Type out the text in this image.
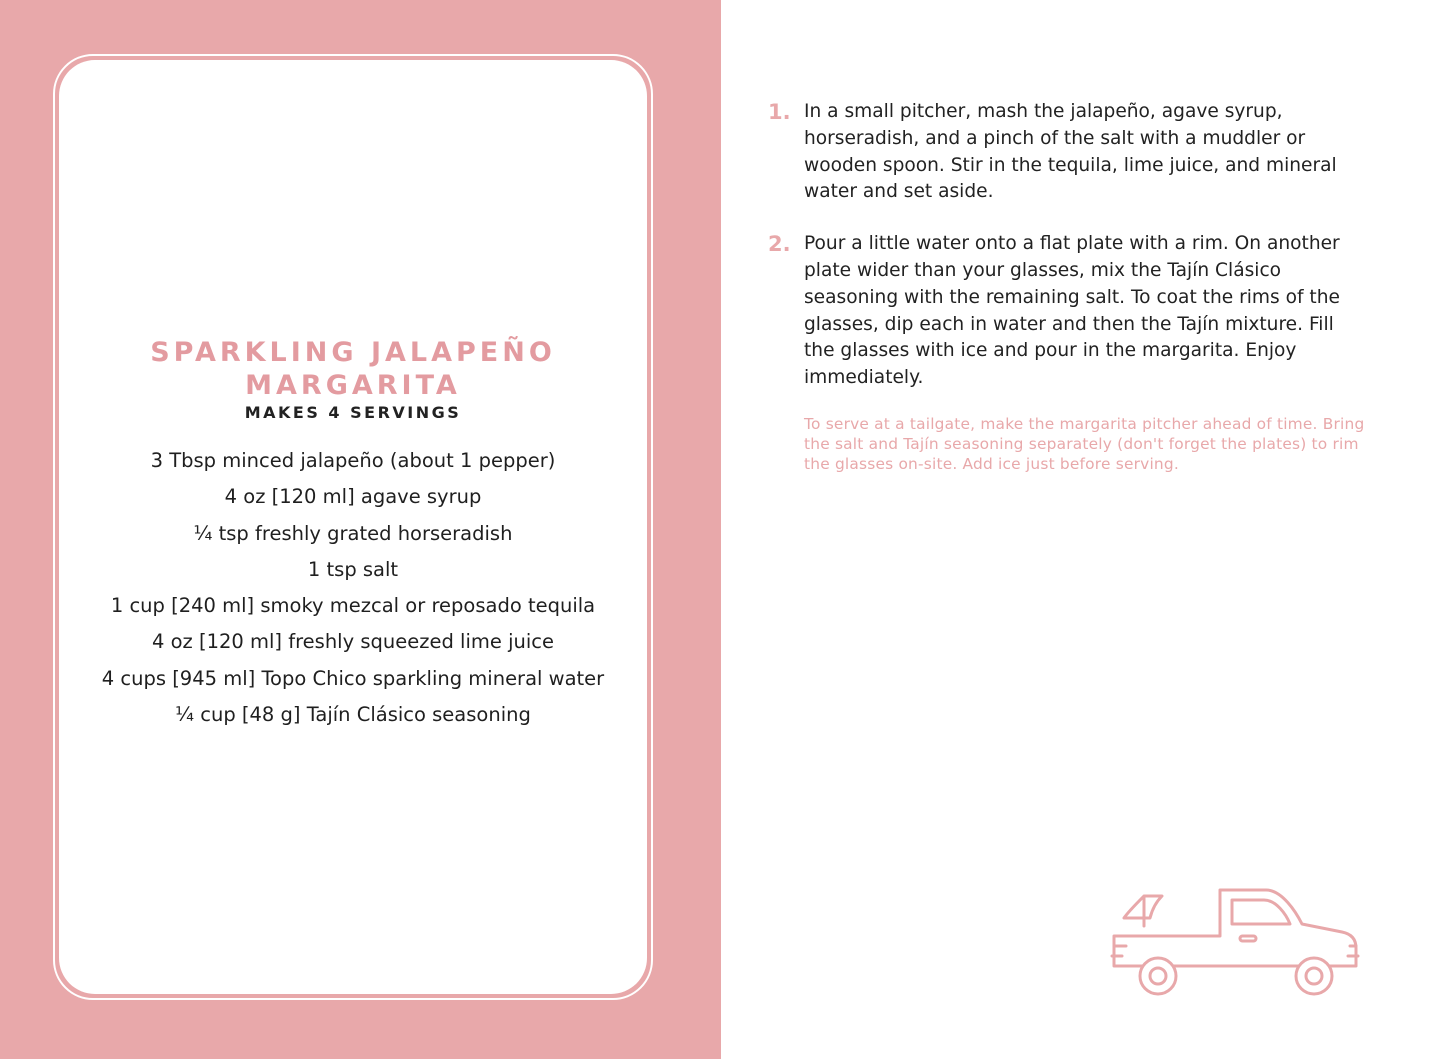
SPARKLING JALAPEÑO
MARGARITA
MAKES 4 SERVINGS
3 Tbsp minced jalapeño (about 1 pepper)
4 oz [120 ml] agave syrup
¼ tsp freshly grated horseradish
1 tsp salt
1 cup [240 ml] smoky mezcal or reposado tequila
4 oz [120 ml] freshly squeezed lime juice
4 cups [945 ml] Topo Chico sparkling mineral water
¼ cup [48 g] Tajín Clásico seasoning
1. In a small pitcher, mash the jalapeño, agave syrup, horseradish, and a pinch of the salt with a muddler or wooden spoon. Stir in the tequila, lime juice, and mineral water and set aside.
2. Pour a little water onto a flat plate with a rim. On another plate wider than your glasses, mix the Tajín Clásico seasoning with the remaining salt. To coat the rims of the glasses, dip each in water and then the Tajín mixture. Fill the glasses with ice and pour in the margarita. Enjoy immediately.
To serve at a tailgate, make the margarita pitcher ahead of time. Bring the salt and Tajín seasoning separately (don't forget the plates) to rim the glasses on-site. Add ice just before serving.
